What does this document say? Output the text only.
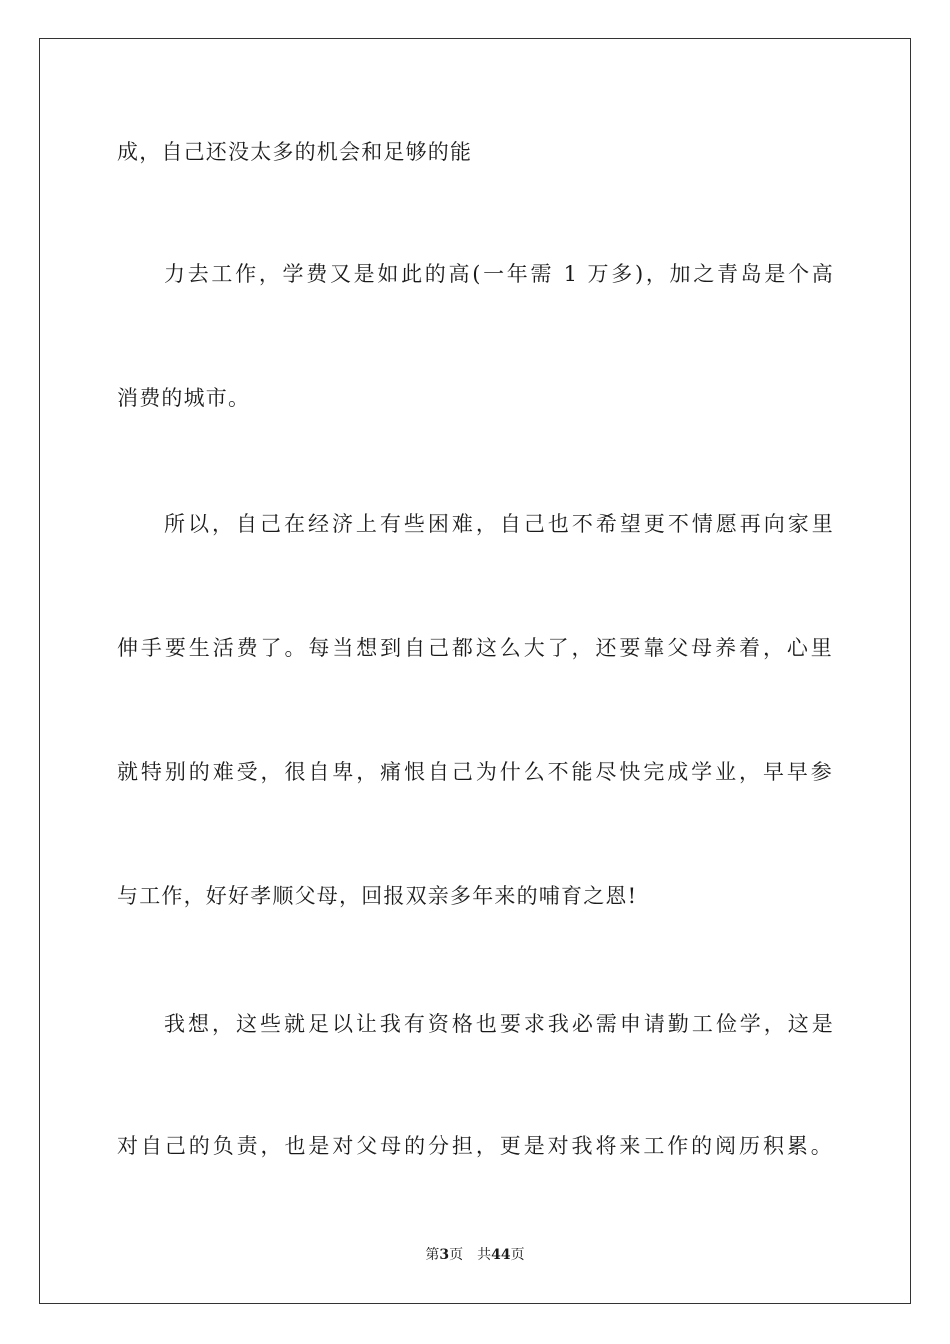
成，自己还没太多的机会和足够的能
力去工作，学费又是如此的高(一年需 1 万多)，加之青岛是个高
消费的城市。
所以，自己在经济上有些困难，自己也不希望更不情愿再向家里
伸手要生活费了。每当想到自己都这么大了，还要靠父母养着，心里
就特别的难受，很自卑，痛恨自己为什么不能尽快完成学业，早早参
与工作，好好孝顺父母，回报双亲多年来的哺育之恩!
我想，这些就足以让我有资格也要求我必需申请勤工俭学，这是
对自己的负责，也是对父母的分担，更是对我将来工作的阅历积累。
第3页 共44页
